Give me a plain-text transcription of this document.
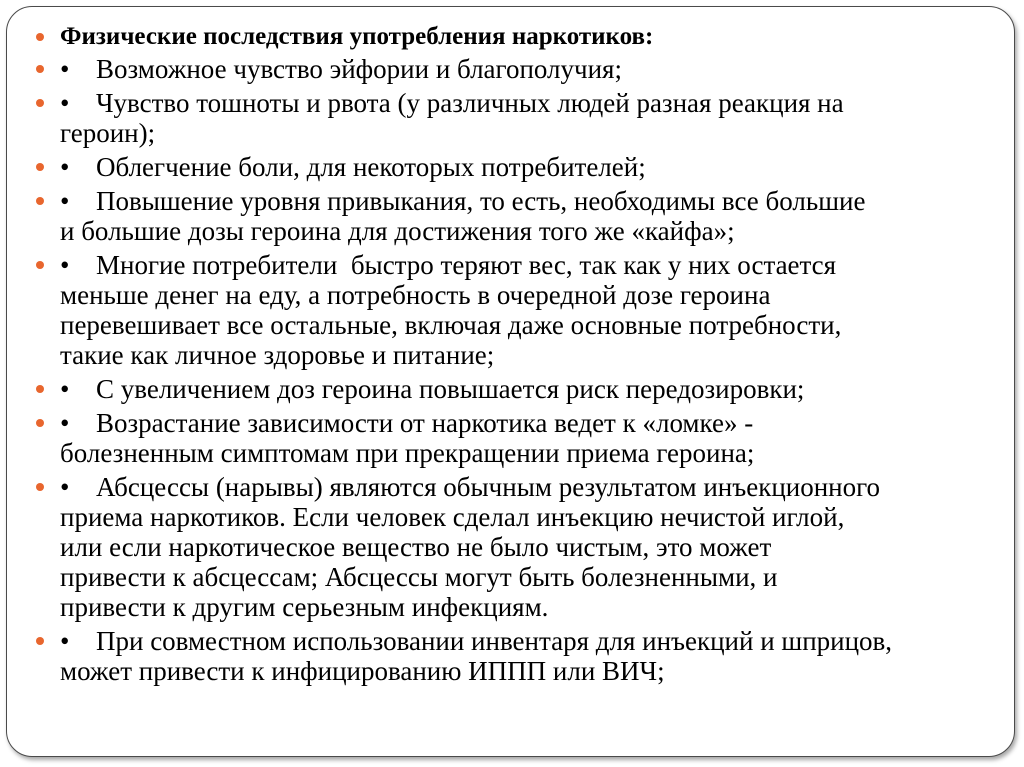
Физические последствия употребления наркотиков:
• Возможное чувство эйфории и благополучия;
• Чувство тошноты и рвота (у различных людей разная реакция на
героин);
• Облегчение боли, для некоторых потребителей;
• Повышение уровня привыкания, то есть, необходимы все большие
и большие дозы героина для достижения того же «кайфа»;
• Многие потребители  быстро теряют вес, так как у них остается
меньше денег на еду, а потребность в очередной дозе героина
перевешивает все остальные, включая даже основные потребности,
такие как личное здоровье и питание;
• С увеличением доз героина повышается риск передозировки;
• Возрастание зависимости от наркотика ведет к «ломке» -
болезненным симптомам при прекращении приема героина;
• Абсцессы (нарывы) являются обычным результатом инъекционного
приема наркотиков. Если человек сделал инъекцию нечистой иглой,
или если наркотическое вещество не было чистым, это может
привести к абсцессам; Абсцессы могут быть болезненными, и
привести к другим серьезным инфекциям.
• При совместном использовании инвентаря для инъекций и шприцов,
может привести к инфицированию ИППП или ВИЧ;
